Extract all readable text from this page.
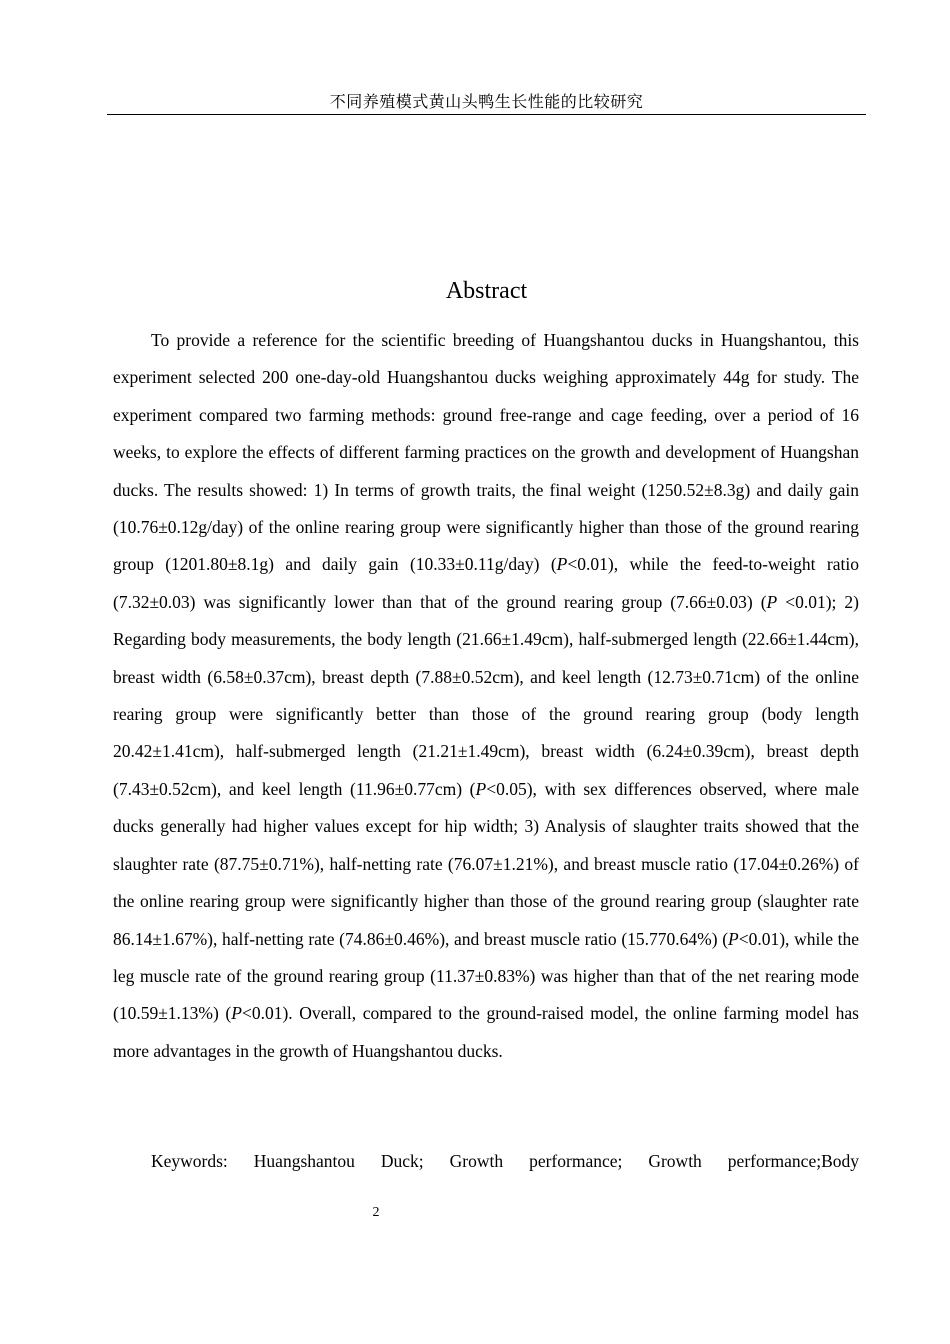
不同养殖模式黄山头鸭生长性能的比较研究
Abstract

To provide a reference for the scientific breeding of Huangshantou ducks in Huangshantou, this experiment selected 200 one-day-old Huangshantou ducks weighing approximately 44g for study. The experiment compared two farming methods: ground free-range and cage feeding, over a period of 16 weeks, to explore the effects of different farming practices on the growth and development of Huangshan ducks. The results showed: 1) In terms of growth traits, the final weight (1250.52±8.3g) and daily gain (10.76±0.12g/day) of the online rearing group were significantly higher than those of the ground rearing group (1201.80±8.1g) and daily gain (10.33±0.11g/day) (P<0.01), while the feed-to-weight ratio (7.32±0.03) was significantly lower than that of the ground rearing group (7.66±0.03) (P <0.01); 2) Regarding body measurements, the body length (21.66±1.49cm), half-submerged length (22.66±1.44cm), breast width (6.58±0.37cm), breast depth (7.88±0.52cm), and keel length (12.73±0.71cm) of the online rearing group were significantly better than those of the ground rearing group (body length 20.42±1.41cm), half-submerged length (21.21±1.49cm), breast width (6.24±0.39cm), breast depth (7.43±0.52cm), and keel length (11.96±0.77cm) (P<0.05), with sex differences observed, where male ducks generally had higher values except for hip width; 3) Analysis of slaughter traits showed that the slaughter rate (87.75±0.71%), half-netting rate (76.07±1.21%), and breast muscle ratio (17.04±0.26%) of the online rearing group were significantly higher than those of the ground rearing group (slaughter rate 86.14±1.67%), half-netting rate (74.86±0.46%), and breast muscle ratio (15.770.64%) (P<0.01), while the leg muscle rate of the ground rearing group (11.37±0.83%) was higher than that of the net rearing mode (10.59±1.13%) (P<0.01). Overall, compared to the ground-raised model, the online farming model has more advantages in the growth of Huangshantou ducks.

Keywords: Huangshantou Duck; Growth performance; Growth performance;Body

2
